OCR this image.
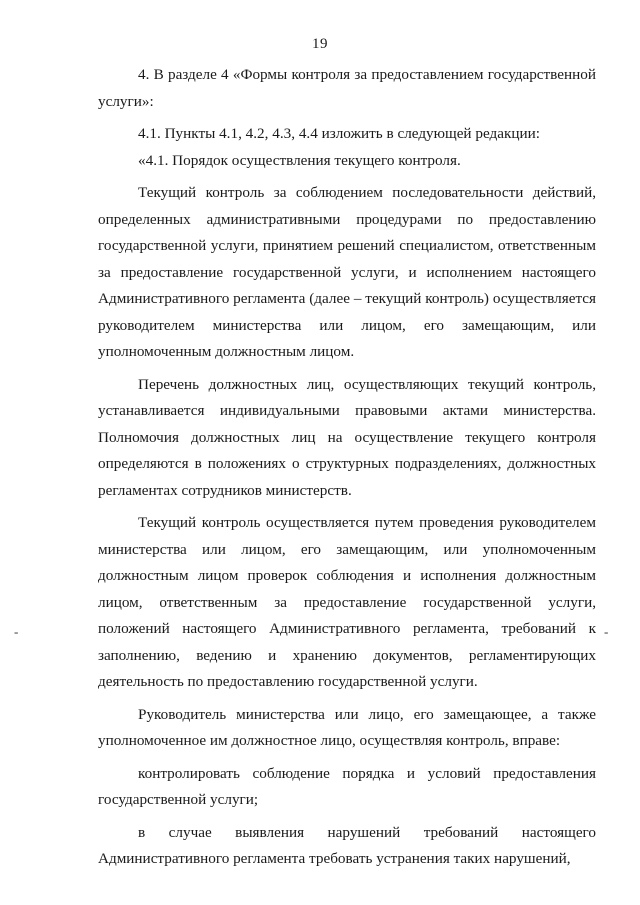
19

4. В разделе 4 «Формы контроля за предоставлением государственной услуги»:

4.1. Пункты 4.1, 4.2, 4.3, 4.4 изложить в следующей редакции:

«4.1. Порядок осуществления текущего контроля.

Текущий контроль за соблюдением последовательности действий, определенных административными процедурами по предоставлению государственной услуги, принятием решений специалистом, ответственным за предоставление государственной услуги, и исполнением настоящего Административного регламента (далее – текущий контроль) осуществляется руководителем министерства или лицом, его замещающим, или уполномоченным должностным лицом.

Перечень должностных лиц, осуществляющих текущий контроль, устанавливается индивидуальными правовыми актами министерства. Полномочия должностных лиц на осуществление текущего контроля определяются в положениях о структурных подразделениях, должностных регламентах сотрудников министерств.

Текущий контроль осуществляется путем проведения руководителем министерства или лицом, его замещающим, или уполномоченным должностным лицом проверок соблюдения и исполнения должностным лицом, ответственным за предоставление государственной услуги, положений настоящего Административного регламента, требований к заполнению, ведению и хранению документов, регламентирующих деятельность по предоставлению государственной услуги.

Руководитель министерства или лицо, его замещающее, а также уполномоченное им должностное лицо, осуществляя контроль, вправе:

контролировать соблюдение порядка и условий предоставления государственной услуги;

в случае выявления нарушений требований настоящего Административного регламента требовать устранения таких нарушений,

-	-
